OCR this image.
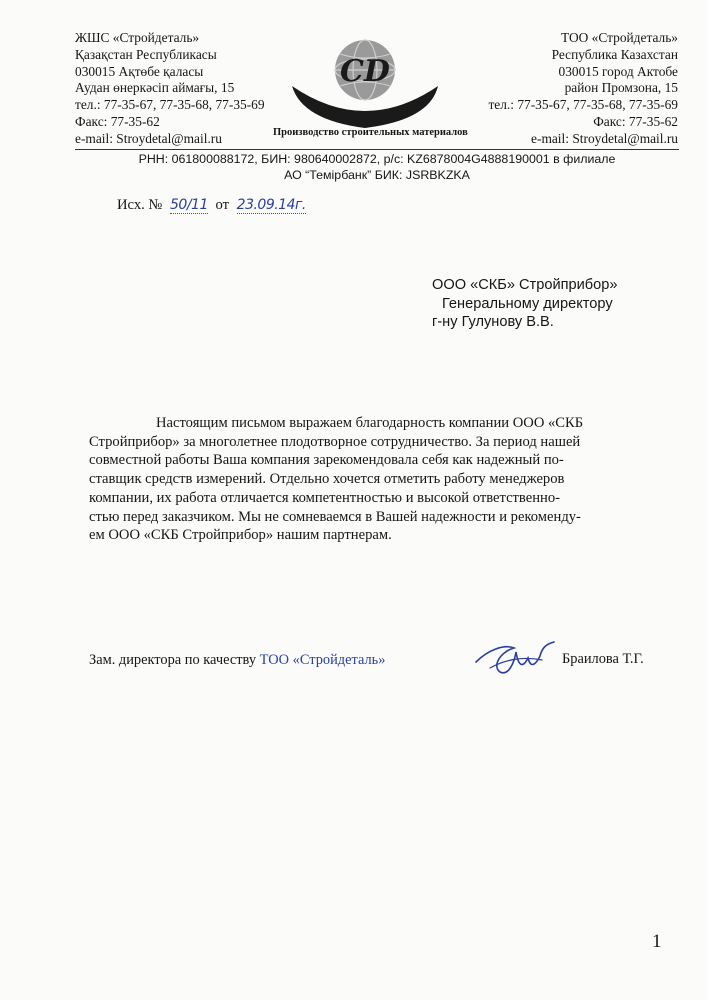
ЖШС «Стройдеталь»
Қазақстан Республикасы
030015 Ақтөбе қаласы
Аудан өнеркәсіп аймағы, 15
тел.: 77-35-67, 77-35-68, 77-35-69
Факс: 77-35-62
e-mail: Stroydetal@mail.ru
CD
Производство строительных материалов
ТОО «Стройдеталь»
Республика Казахстан
030015 город Актобе
район Промзона, 15
тел.: 77-35-67, 77-35-68, 77-35-69
Факс: 77-35-62
e-mail: Stroydetal@mail.ru
РНН: 061800088172, БИН: 980640002872, р/с: KZ6878004G4888190001 в филиале
АО “Темірбанк” БИК: JSRBKZKA
Исх. № 50/11 от 23.09.14г.
ООО «СКБ» Стройприбор»
Генеральному директору
г-ну Гулунову В.В.
Настоящим письмом выражаем благодарность компании ООО «СКБ
Стройприбор» за многолетнее плодотворное сотрудничество. За период нашей
совместной работы Ваша компания зарекомендовала себя как надежный по-
ставщик средств измерений. Отдельно хочется отметить работу менеджеров
компании, их работа отличается компетентностью и высокой ответственно-
стью перед заказчиком. Мы не сомневаемся в Вашей надежности и рекоменду-
ем ООО «СКБ Стройприбор» нашим партнерам.
Зам. директора по качеству ТОО «Стройдеталь»	Браилова Т.Г.
1
